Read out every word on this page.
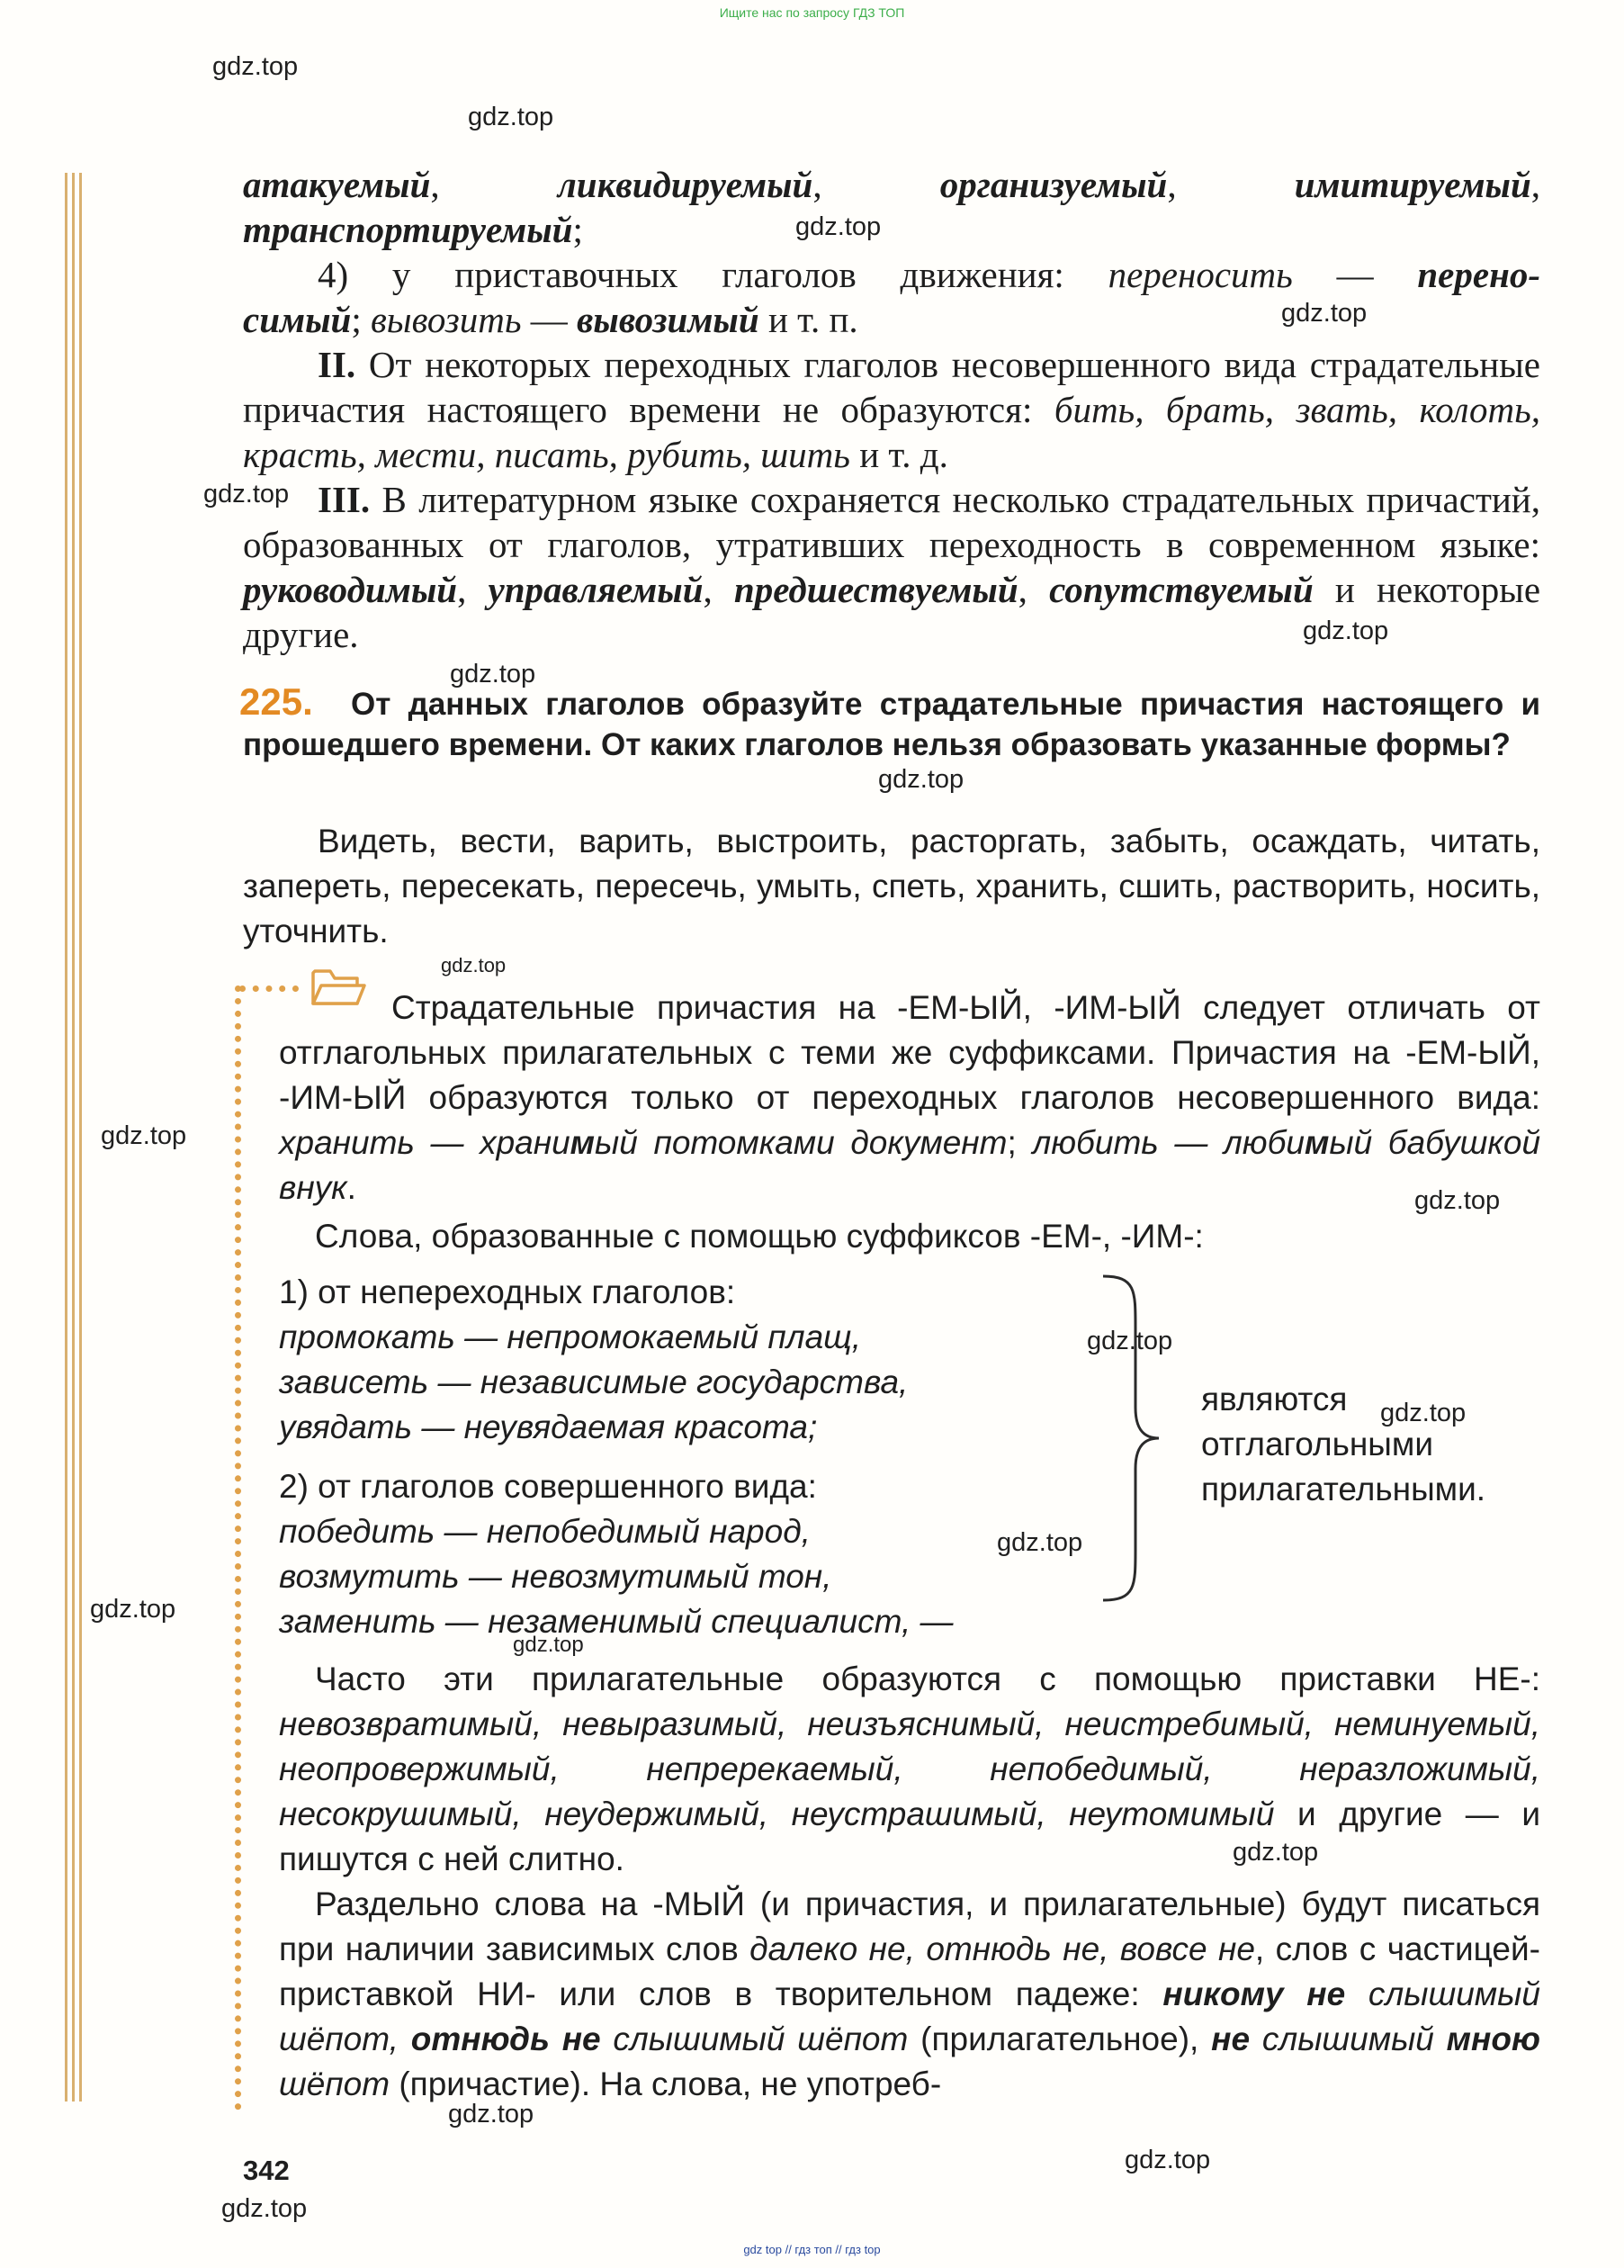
Ищите нас по запросу ГДЗ ТОП

атакуемый, ликвидируемый, организуемый, имитируемый,

транспортируемый;

4) у приставочных глаголов движения: переносить — перено-

симый; вывозить — вывозимый и т. п.

II. От некоторых переходных глаголов несовершенного вида страдательные причастия настоящего времени не образуются: бить, брать, звать, колоть, красть, мести, писать, рубить, шить и т. д.

III. В литературном языке сохраняется несколько страдательных причастий, образованных от глаголов, утративших переходность в современном языке: руководимый, управляемый, предшествуемый, сопутствуемый и некоторые другие.

225.	От данных глаголов образуйте страдательные причастия настоящего и прошедшего времени. От каких глаголов нельзя образовать указанные формы?
Видеть, вести, варить, выстроить, расторгать, забыть, осаждать, читать, запереть, пересекать, пересечь, умыть, спеть, хранить, сшить, растворить, носить, уточнить.

Страдательные причастия на -ЕМ-ЫЙ, -ИМ-ЫЙ следует отличать от отглагольных прилагательных с теми же суффиксами. Причастия на -ЕМ-ЫЙ, -ИМ-ЫЙ образуются только от переходных глаголов несовершенного вида: хранить — хранимый потомками документ; любить — любимый бабушкой внук.

Слова, образованные с помощью суффиксов -ЕМ-, -ИМ-:

1) от непереходных глаголов:
промокать — непромокаемый плащ,
зависеть — независимые государства,
увядать — неувядаемая красота;
2) от глаголов совершенного вида:
победить — непобедимый народ,
возмутить — невозмутимый тон,
заменить — незаменимый специалист, —

Часто эти прилагательные образуются с помощью приставки НЕ-: невозвратимый, невыразимый, неизъяснимый, неистребимый, неминуемый, неопровержимый, непререкаемый, непобедимый, неразложимый, несокрушимый, неудержимый, неустрашимый, неутомимый и другие — и пишутся с ней слитно.

Раздельно слова на -МЫЙ (и причастия, и прилагательные) будут писаться при наличии зависимых слов далеко не, отнюдь не, вовсе не, слов с частицей-приставкой НИ- или слов в творительном падеже: никому не слышимый шёпот, отнюдь не слышимый шёпот (прилагательное), не слышимый мною шёпот (причастие). На слова, не употреб-

являются
отглагольными
прилагательными.
342
gdz.top
gdz.top
gdz.top
gdz.top
gdz.top
gdz.top
gdz.top
gdz.top
gdz.top
gdz.top
gdz.top
gdz.top
gdz.top
gdz.top
gdz.top
gdz.top
gdz.top
gdz.top
gdz.top
gdz.top
gdz top // гдз топ // гдз top
